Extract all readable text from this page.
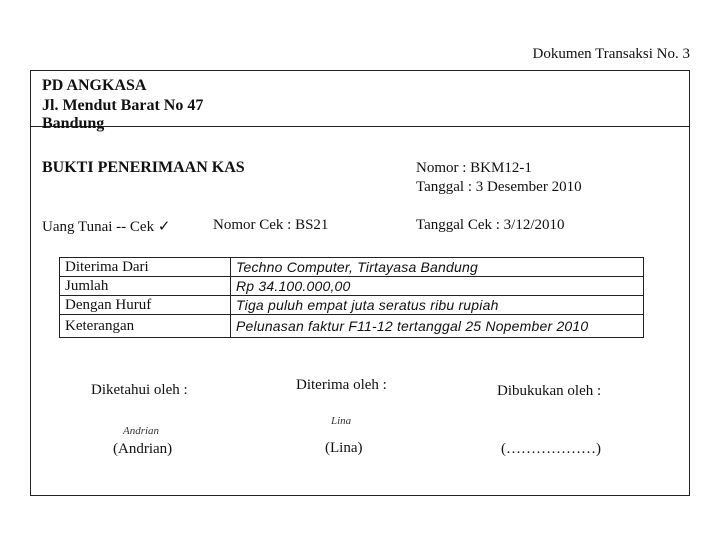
Dokumen Transaksi No. 3
PD ANGKASA
Jl. Mendut Barat No 47
Bandung
BUKTI PENERIMAAN KAS	Nomor : BKM12-1
Tanggal : 3 Desember 2010
Uang Tunai -- Cek ✓	Nomor Cek : BS21	Tanggal Cek : 3/12/2010
Diterima Dari	Techno Computer, Tirtayasa Bandung
Jumlah	Rp 34.100.000,00
Dengan Huruf	Tiga puluh empat juta seratus ribu rupiah
Keterangan	Pelunasan faktur F11-12 tertanggal 25 Nopember 2010
Diketahui oleh :	Diterima oleh :	Dibukukan oleh :
Andrian
Lina
(Andrian)	(Lina)	(………………)
